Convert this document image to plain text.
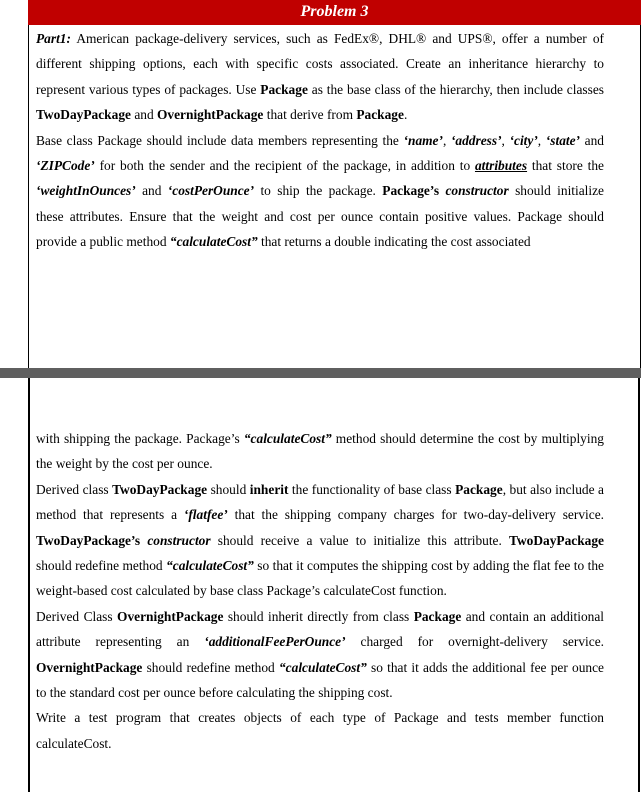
Problem 3

Part1: American package-delivery services, such as FedEx®, DHL® and UPS®, offer a number of different shipping options, each with specific costs associated. Create an inheritance hierarchy to represent various types of packages. Use Package as the base class of the hierarchy, then include classes TwoDayPackage and OvernightPackage that derive from Package.

Base class Package should include data members representing the ‘name’, ‘address’, ‘city’, ‘state’ and ‘ZIPCode’ for both the sender and the recipient of the package, in addition to attributes that store the ‘weightInOunces’ and ‘costPerOunce’ to ship the package. Package’s constructor should initialize these attributes. Ensure that the weight and cost per ounce contain positive values. Package should provide a public method “calculateCost” that returns a double indicating the cost associated

with shipping the package. Package’s “calculateCost” method should determine the cost by multiplying the weight by the cost per ounce.

Derived class TwoDayPackage should inherit the functionality of base class Package, but also include a method that represents a ‘flatfee’ that the shipping company charges for two-day-delivery service. TwoDayPackage’s constructor should receive a value to initialize this attribute. TwoDayPackage should redefine method “calculateCost” so that it computes the shipping cost by adding the flat fee to the weight-based cost calculated by base class Package’s calculateCost function.

Derived Class OvernightPackage should inherit directly from class Package and contain an additional attribute representing an ‘additionalFeePerOunce’ charged for overnight-delivery service. OvernightPackage should redefine method “calculateCost” so that it adds the additional fee per ounce to the standard cost per ounce before calculating the shipping cost.

Write a test program that creates objects of each type of Package and tests member function calculateCost.
